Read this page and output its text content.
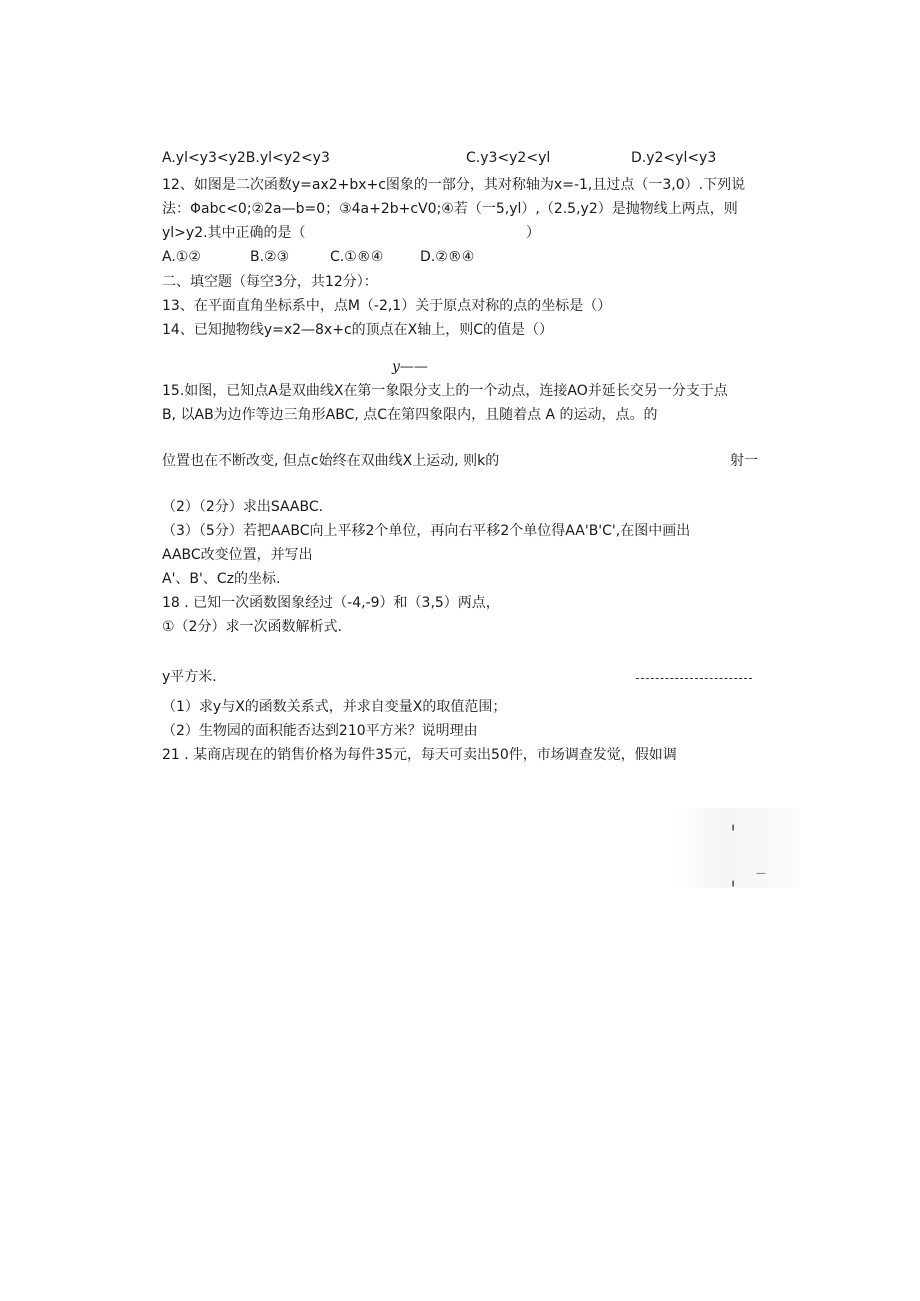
A.yl<y3<y2B.yl<y2<y3	C.y3<y2<yl	D.y2<yl<y3
12、如图是二次函数y=ax2+bx+c图象的一部分，其对称轴为x=-1,且过点（一3,0）.下列说
法：Φabc<0;②2a—b=0；③4a+2b+cV0;④若（一5,yl）,（2.5,y2）是抛物线上两点，则
yl>y2.其中正确的是（	）
A.①②	B.②③	C.①®④	D.②®④
二、填空题（每空3分，共12分）：
13、在平面直角坐标系中，点M（-2,1）关于原点对称的点的坐标是（）
14、已知抛物线y=x2—8x+c的顶点在X轴上，则C的值是（）
y——
15.如图，已知点A是双曲线X在第一象限分支上的一个动点，连接AO并延长交另一分支于点
B, 以AB为边作等边三角形ABC, 点C在第四象限内，且随着点 A 的运动，点。的
位置也在不断改变, 但点c始终在双曲线X上运动, 则k的	射一
（2）（2分）求出SAABC.
（3）（5分）若把AABC向上平移2个单位，再向右平移2个单位得AA'B'C',在图中画出
AABC改变位置，并写出
A'、B'、Cz的坐标.
18 . 已知一次函数图象经过（-4,-9）和（3,5）两点，
①（2分）求一次函数解析式.
y平方米.
（1）求y与X的函数关系式，并求自变量X的取值范围；
（2）生物园的面积能否达到210平方米？说明理由
21 . 某商店现在的销售价格为每件35元，每天可卖出50件，市场调查发觉，假如调
╻
—
╻
